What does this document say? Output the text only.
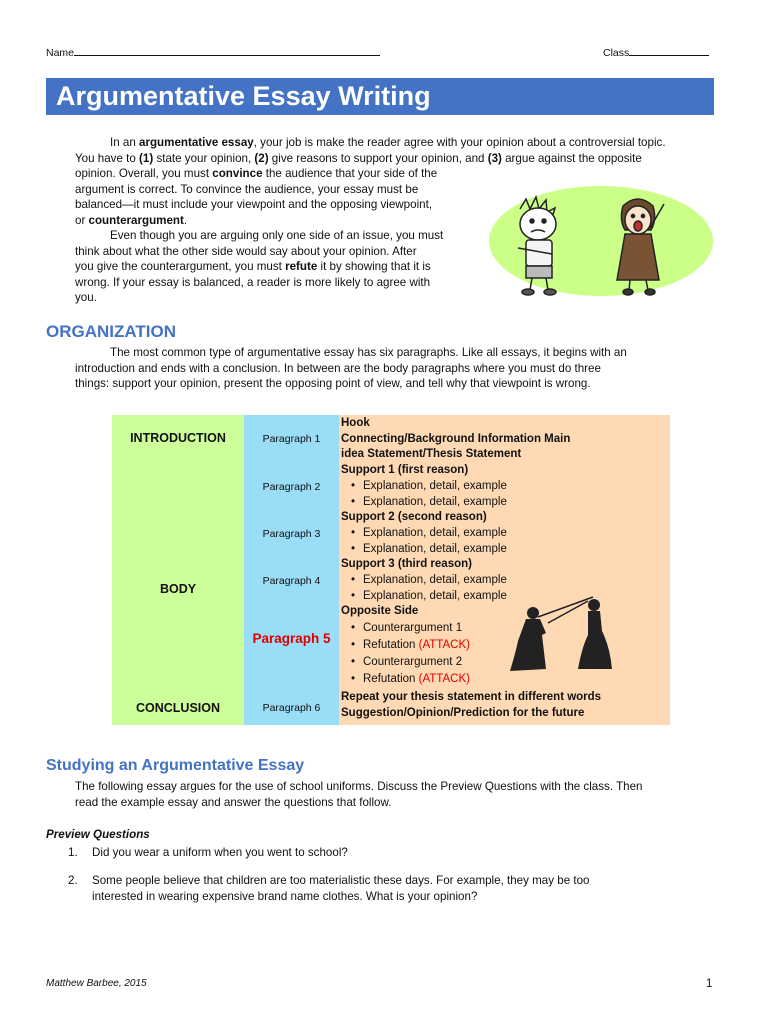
Name	Class
Argumentative Essay Writing
In an argumentative essay, your job is make the reader agree with your opinion about a controversial topic.
You have to (1) state your opinion, (2) give reasons to support your opinion, and (3) argue against the opposite
opinion. Overall, you must convince the audience that your side of the
argument is correct. To convince the audience, your essay must be
balanced—it must include your viewpoint and the opposing viewpoint,
or counterargument.
Even though you are arguing only one side of an issue, you must
think about what the other side would say about your opinion. After
you give the counterargument, you must refute it by showing that it is
wrong. If your essay is balanced, a reader is more likely to agree with
you.
ORGANIZATION
The most common type of argumentative essay has six paragraphs. Like all essays, it begins with an
introduction and ends with a conclusion. In between are the body paragraphs where you must do three
things: support your opinion, present the opposing point of view, and tell why that viewpoint is wrong.
INTRODUCTION
BODY
CONCLUSION
Paragraph 1
Paragraph 2
Paragraph 3
Paragraph 4
Paragraph 5
Paragraph 6
Hook
Connecting/Background Information Main
idea Statement/Thesis Statement
Support 1 (first reason)
• Explanation, detail, example
• Explanation, detail, example
Support 2 (second reason)
• Explanation, detail, example
• Explanation, detail, example
Support 3 (third reason)
• Explanation, detail, example
• Explanation, detail, example
Opposite Side
• Counterargument 1
• Refutation (ATTACK)
• Counterargument 2
• Refutation (ATTACK)
Repeat your thesis statement in different words
Suggestion/Opinion/Prediction for the future
Studying an Argumentative Essay
The following essay argues for the use of school uniforms. Discuss the Preview Questions with the class. Then
read the example essay and answer the questions that follow.
Preview Questions
1. Did you wear a uniform when you went to school?
2. Some people believe that children are too materialistic these days. For example, they may be too
interested in wearing expensive brand name clothes. What is your opinion?
Matthew Barbee, 2015	1
